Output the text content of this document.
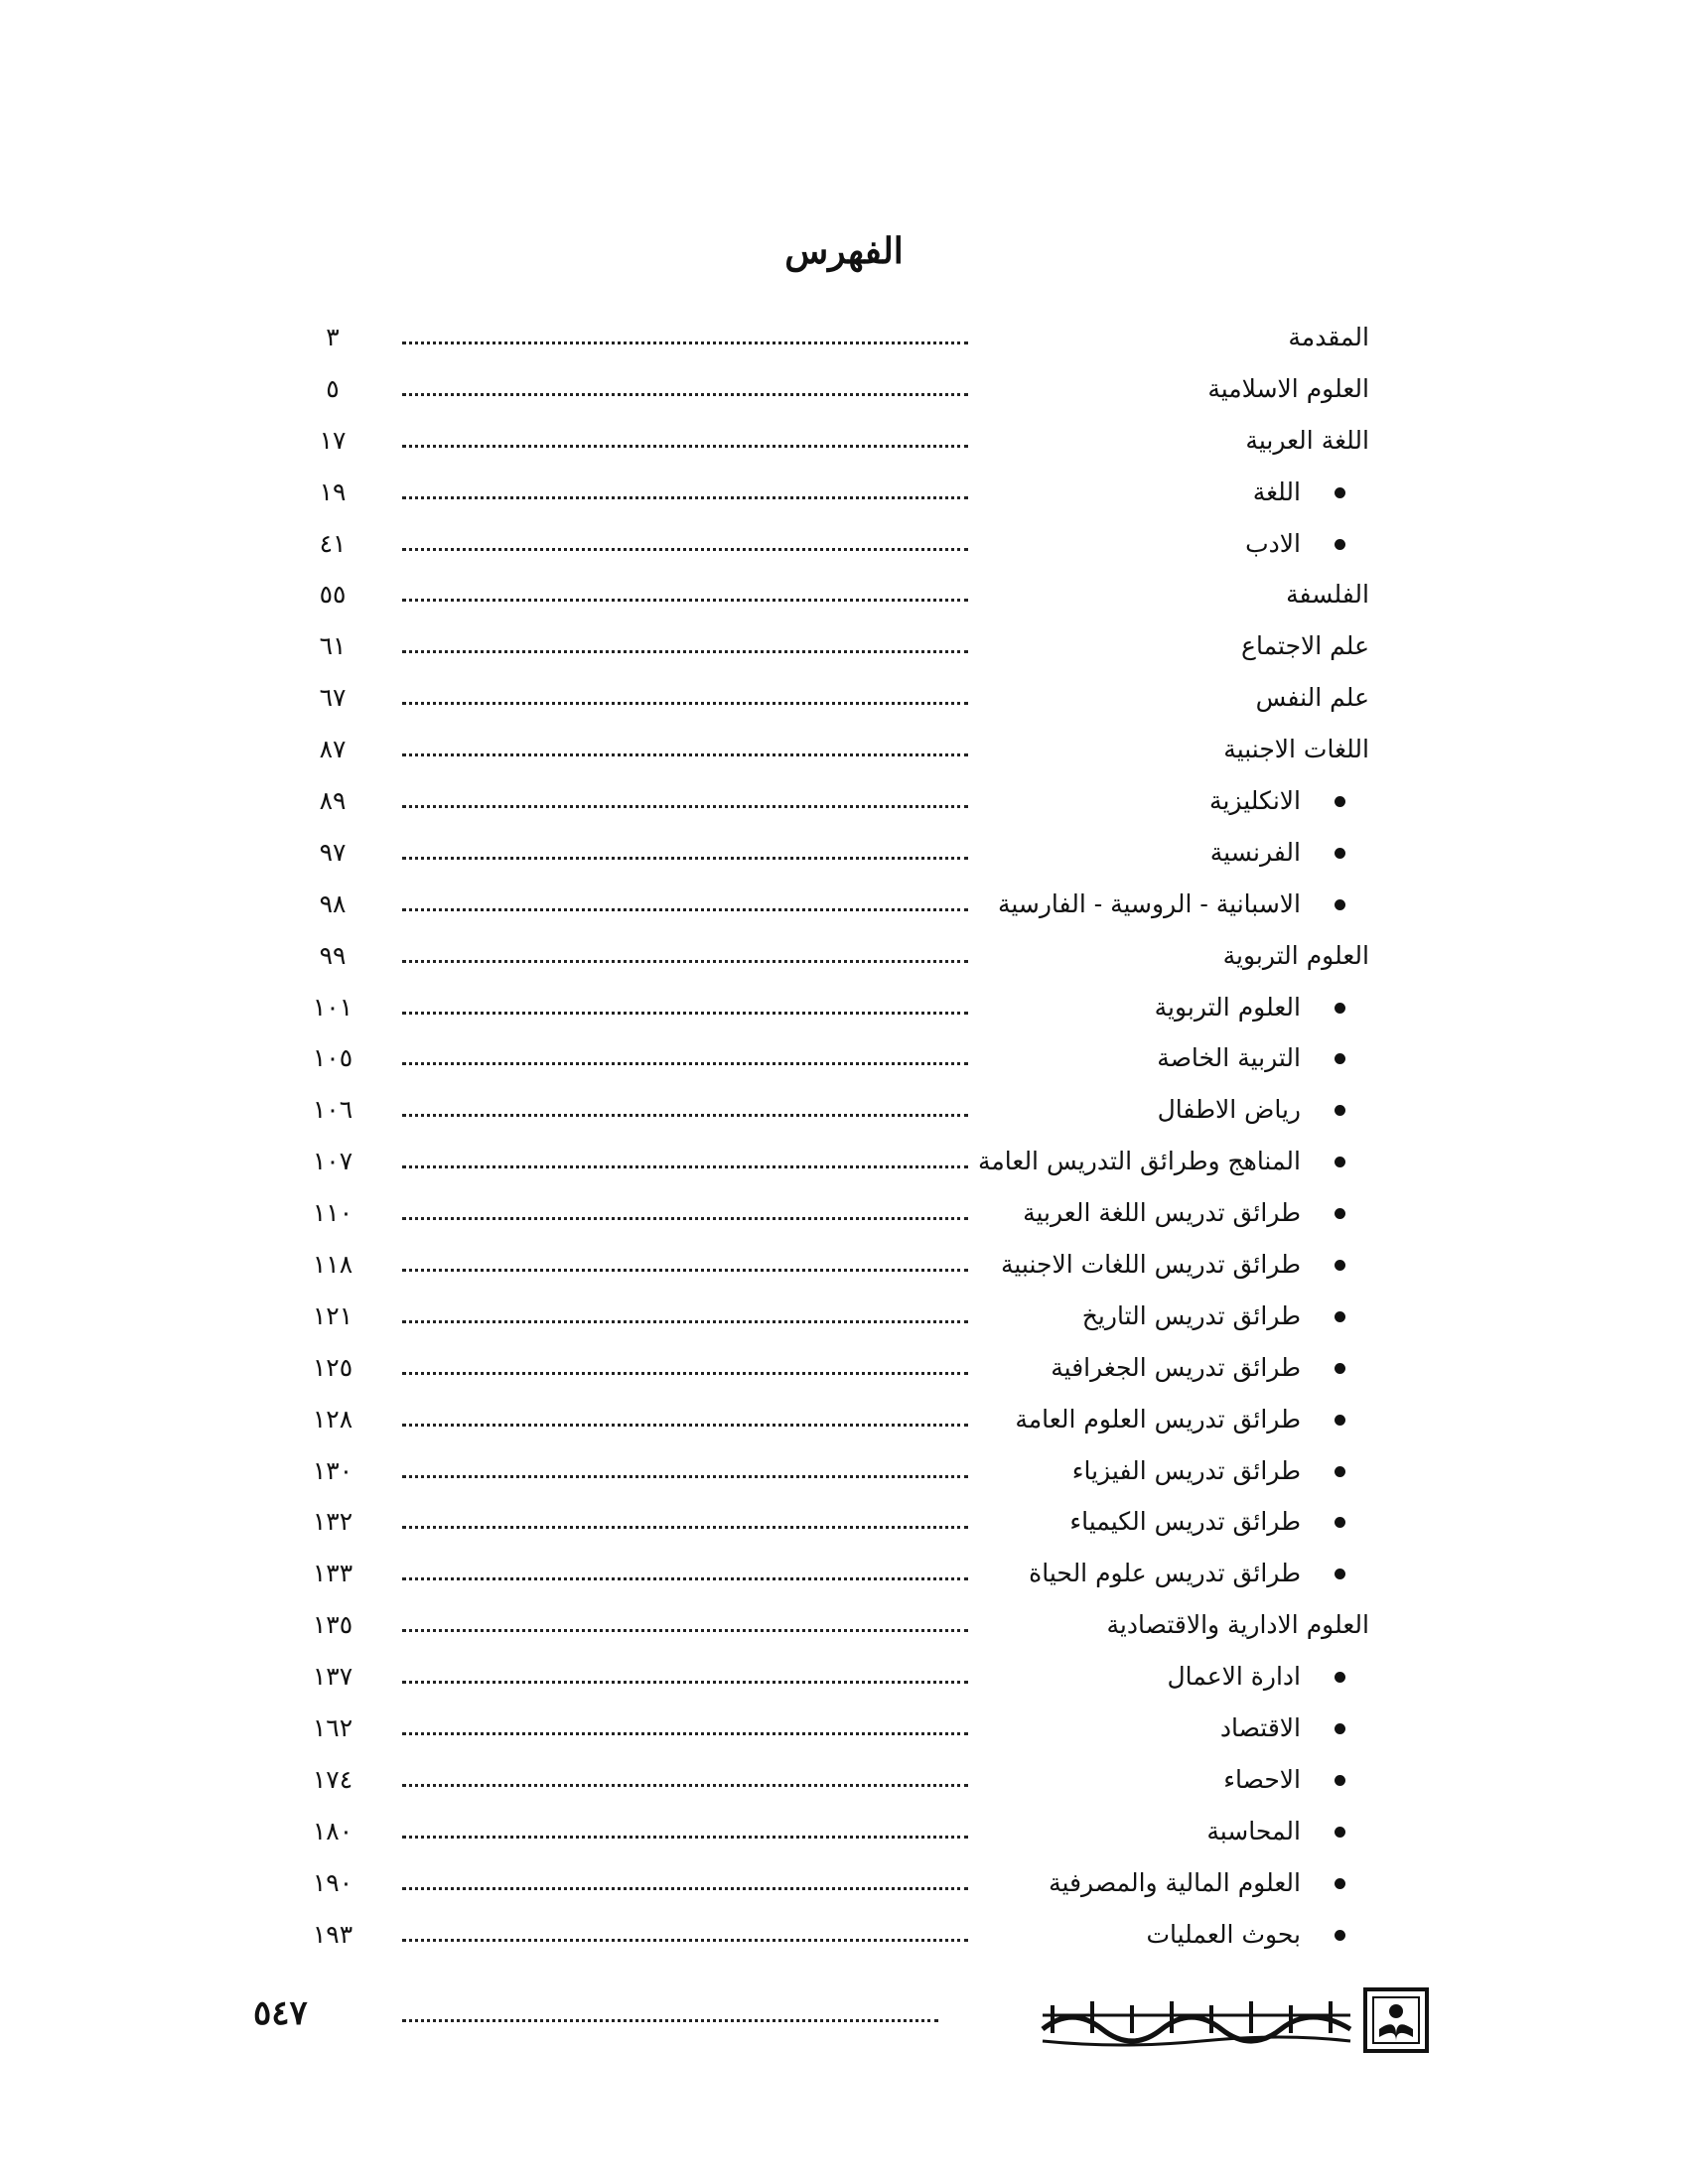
الفهرس
المقدمة
٣
العلوم الاسلامية
٥
اللغة العربية
١٧
اللغة
١٩
الادب
٤١
الفلسفة
٥٥
علم الاجتماع
٦١
علم النفس
٦٧
اللغات الاجنبية
٨٧
الانكليزية
٨٩
الفرنسية
٩٧
الاسبانية - الروسية - الفارسية
٩٨
العلوم التربوية
٩٩
العلوم التربوية
١٠١
التربية الخاصة
١٠٥
رياض الاطفال
١٠٦
المناهج وطرائق التدريس العامة
١٠٧
طرائق تدريس اللغة العربية
١١٠
طرائق تدريس اللغات الاجنبية
١١٨
طرائق تدريس التاريخ
١٢١
طرائق تدريس الجغرافية
١٢٥
طرائق تدريس العلوم العامة
١٢٨
طرائق تدريس الفيزياء
١٣٠
طرائق تدريس الكيمياء
١٣٢
طرائق تدريس علوم الحياة
١٣٣
العلوم الادارية والاقتصادية
١٣٥
ادارة الاعمال
١٣٧
الاقتصاد
١٦٢
الاحصاء
١٧٤
المحاسبة
١٨٠
العلوم المالية والمصرفية
١٩٠
بحوث العمليات
١٩٣
٥٤٧
